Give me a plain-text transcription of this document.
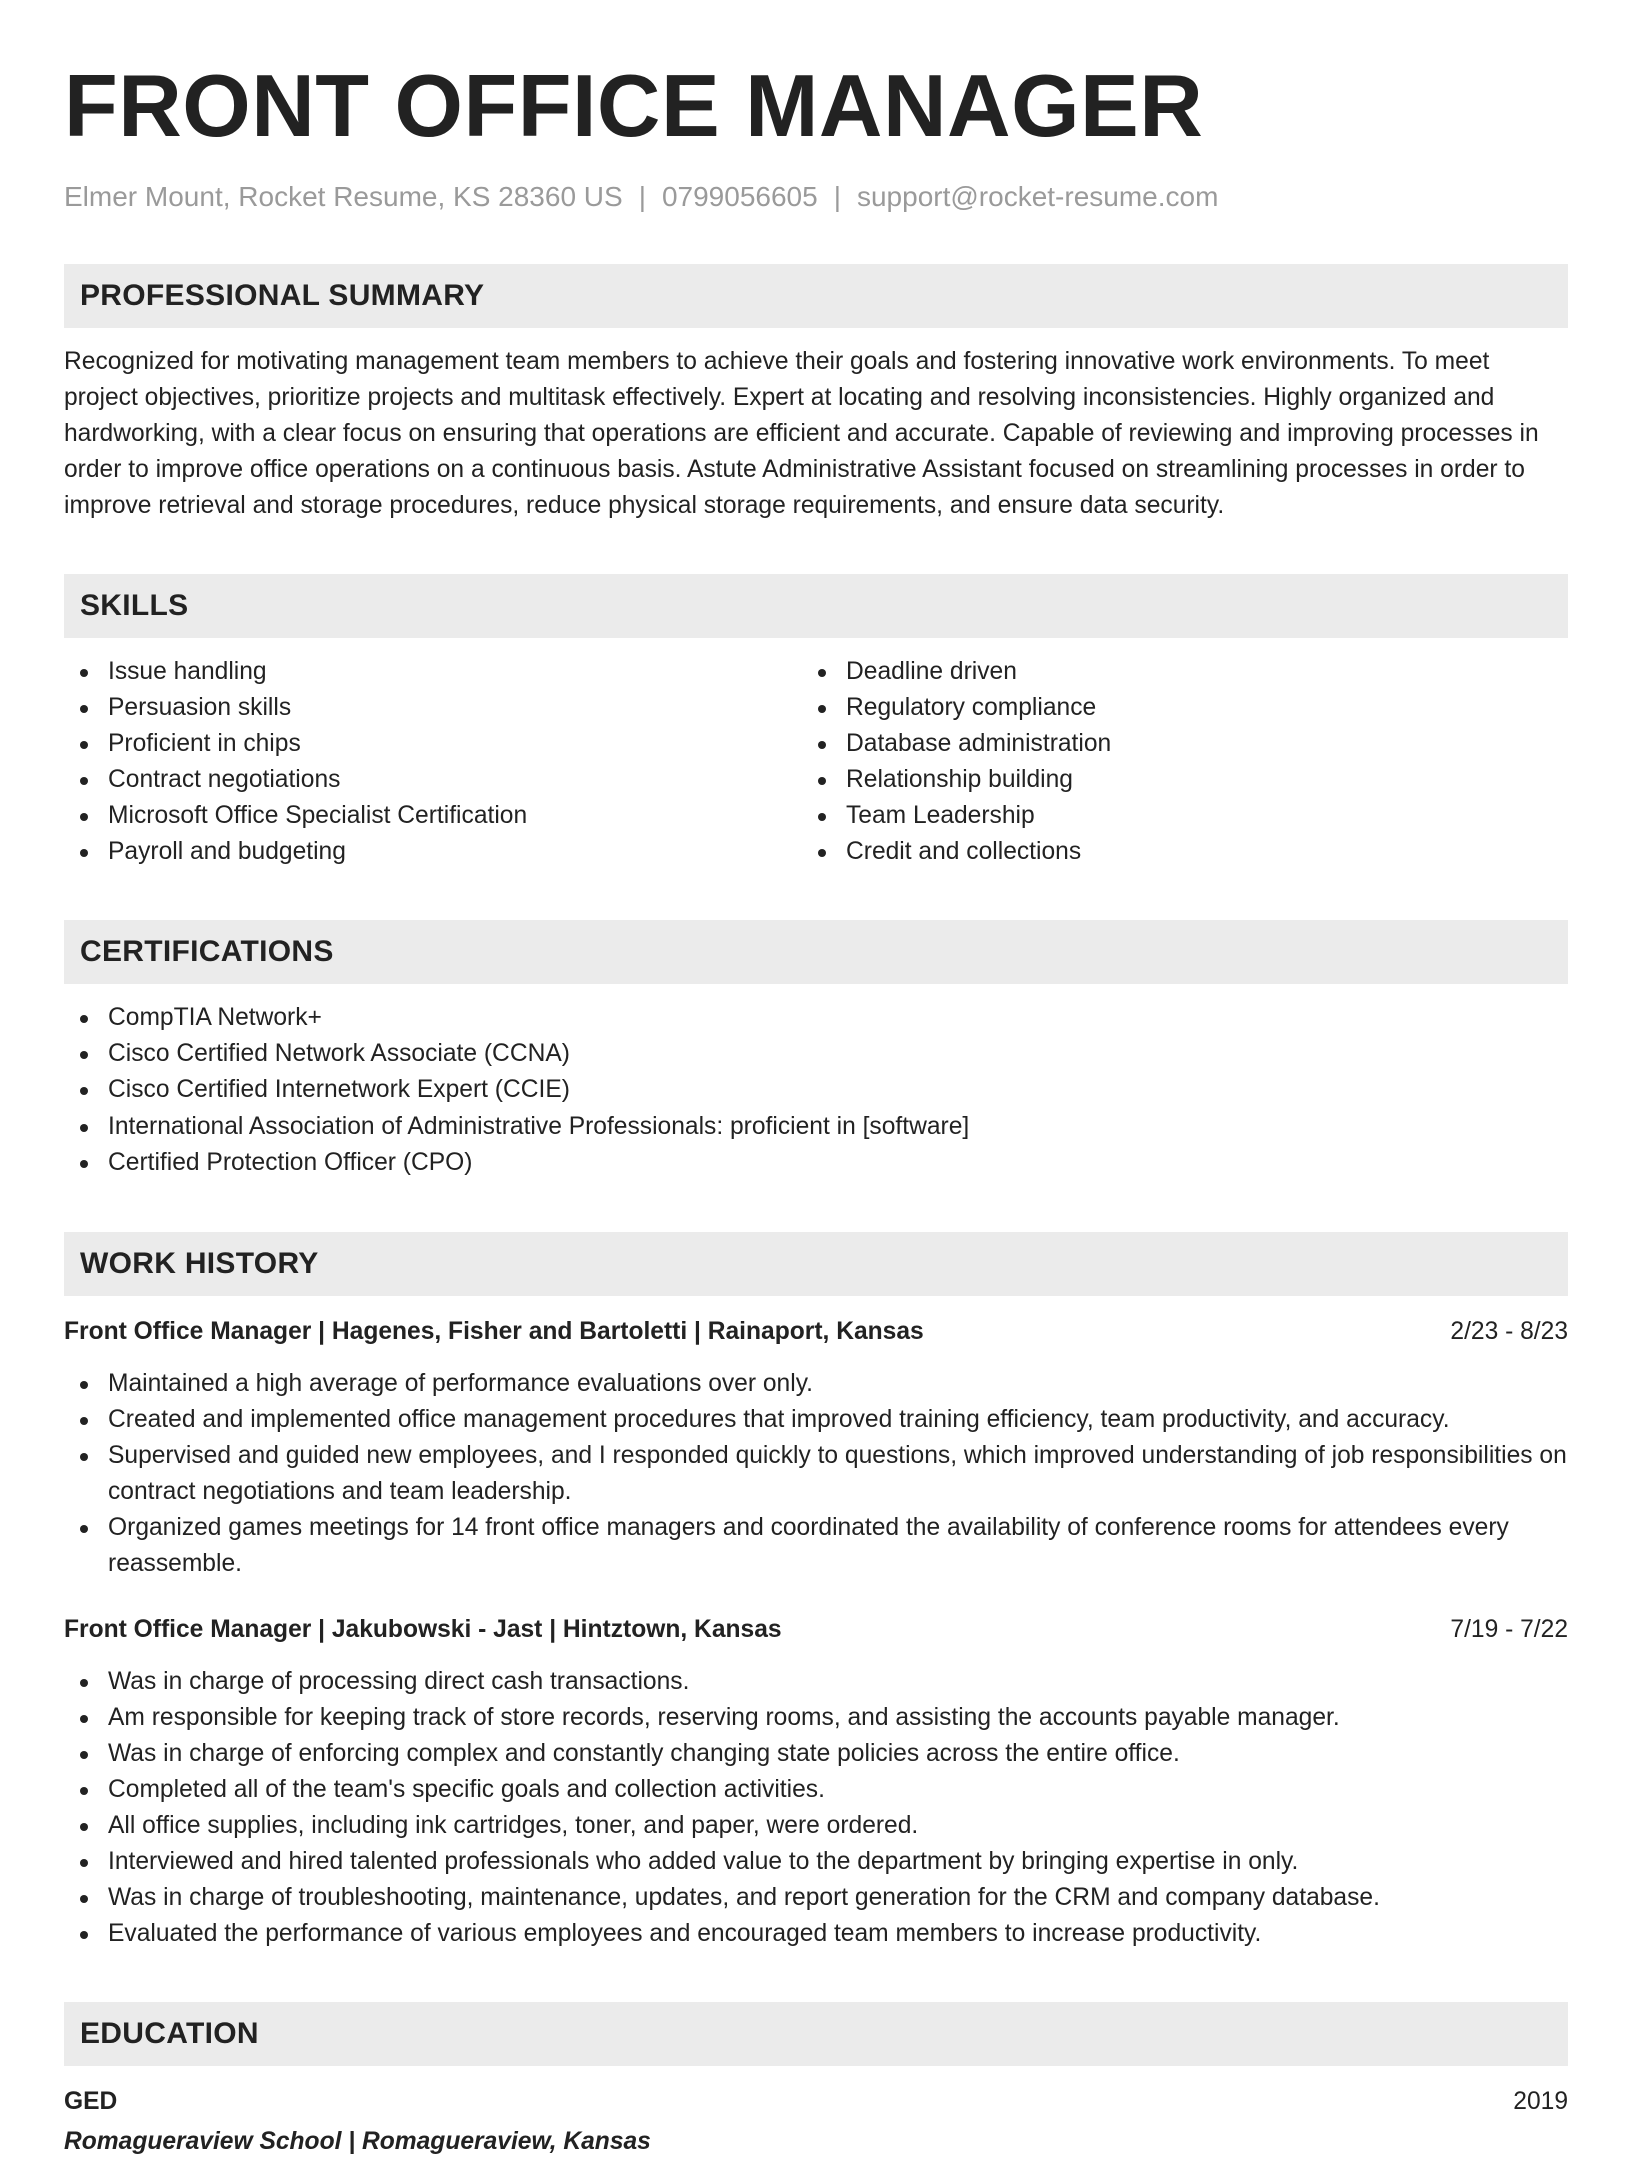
FRONT OFFICE MANAGER
Elmer Mount, Rocket Resume, KS 28360 US | 0799056605 | support@rocket-resume.com
PROFESSIONAL SUMMARY
Recognized for motivating management team members to achieve their goals and fostering innovative work environments. To meet project objectives, prioritize projects and multitask effectively. Expert at locating and resolving inconsistencies. Highly organized and hardworking, with a clear focus on ensuring that operations are efficient and accurate. Capable of reviewing and improving processes in order to improve office operations on a continuous basis. Astute Administrative Assistant focused on streamlining processes in order to improve retrieval and storage procedures, reduce physical storage requirements, and ensure data security.
SKILLS
Issue handling
Persuasion skills
Proficient in chips
Contract negotiations
Microsoft Office Specialist Certification
Payroll and budgeting
Deadline driven
Regulatory compliance
Database administration
Relationship building
Team Leadership
Credit and collections
CERTIFICATIONS
CompTIA Network+
Cisco Certified Network Associate (CCNA)
Cisco Certified Internetwork Expert (CCIE)
International Association of Administrative Professionals: proficient in [software]
Certified Protection Officer (CPO)
WORK HISTORY
Front Office Manager | Hagenes, Fisher and Bartoletti | Rainaport, Kansas	2/23 - 8/23
Maintained a high average of performance evaluations over only.
Created and implemented office management procedures that improved training efficiency, team productivity, and accuracy.
Supervised and guided new employees, and I responded quickly to questions, which improved understanding of job responsibilities on contract negotiations and team leadership.
Organized games meetings for 14 front office managers and coordinated the availability of conference rooms for attendees every reassemble.
Front Office Manager | Jakubowski - Jast | Hintztown, Kansas	7/19 - 7/22
Was in charge of processing direct cash transactions.
Am responsible for keeping track of store records, reserving rooms, and assisting the accounts payable manager.
Was in charge of enforcing complex and constantly changing state policies across the entire office.
Completed all of the team's specific goals and collection activities.
All office supplies, including ink cartridges, toner, and paper, were ordered.
Interviewed and hired talented professionals who added value to the department by bringing expertise in only.
Was in charge of troubleshooting, maintenance, updates, and report generation for the CRM and company database.
Evaluated the performance of various employees and encouraged team members to increase productivity.
EDUCATION
GED	2019
Romagueraview School | Romagueraview, Kansas
